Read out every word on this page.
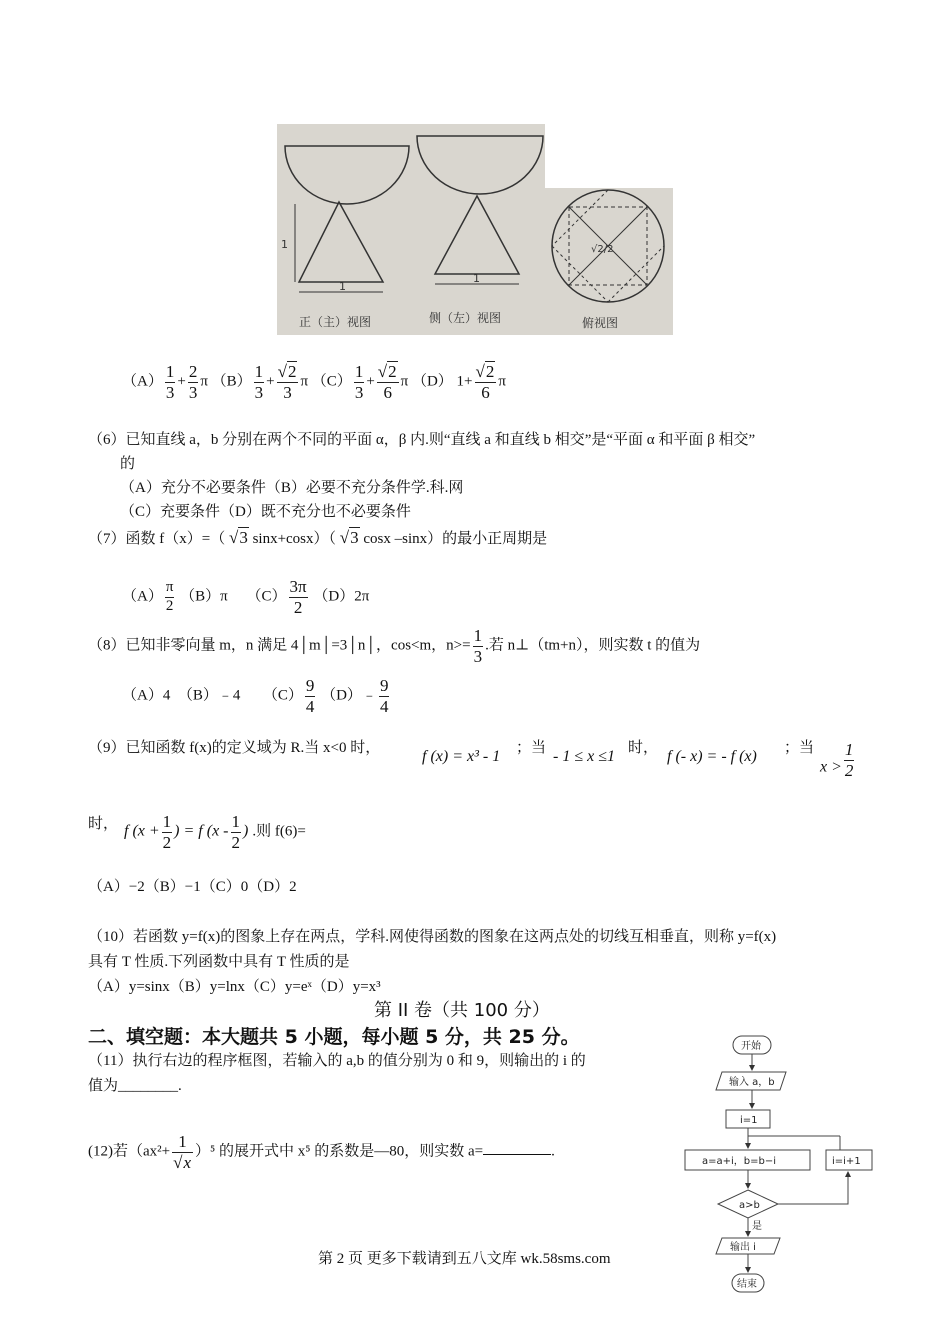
1
1
正（主）视图
1
侧（左）视图
√2/2
俯视图
$(A) \frac{1}{3} + \frac{2}{3}$ π $(B) \frac{1}{3} + \frac{√2}{3}$ π $(C) \frac{1}{3} + \frac{√2}{6}$ π （D） $1+ \frac{√2}{6}$ π
（6）已知直线 a，b 分别在两个不同的平面 α，β 内.则“直线 a 和直线 b 相交”是“平面 α 和平面 β 相交”
的
（A）充分不必要条件（B）必要不充分条件学.科.网
（C）充要条件（D）既不充分也不必要条件
（7）函数 f（x）=（ √3 sinx+cosx）（ √3 cosx –sinx）的最小正周期是
$(A) \frac{\pi}{2} (B)\pi$ $(C) \frac{3\pi}{2} (D)2\pi$
（8）已知非零向量 m，n 满足 4│m│=3│n│，cos<m，$n>= \frac{1}{3}$ .若 n⊥（tm+n），则实数 t 的值为
（A）4　（B）﹣4　　$(C) \frac{9}{4}$ （D）﹣ $\frac{9}{4}$
（9）已知函数 f(x)的定义域为 R.当 x<0 时，	f (x) = x³ - 1 ；当 - 1 ≤ x ≤1 时， f (- x) = - f (x) ；当
$x > \frac{1}{2}$
时， f ($x + \frac{1}{2}$ ) = f ($x - \frac{1}{2}$ ) .则 f(6)=
（A）−2（B）−1（C）0（D）2
（10）若函数 y=f(x)的图象上存在两点，学科.网使得函数的图象在这两点处的切线互相垂直，则称 y=f(x)
具有 T 性质.下列函数中具有 T 性质的是
（A）y=sinx（B）y=lnx（C）y=eˣ（D）y=x³
第 II 卷（共 100 分）
二、填空题：本大题共 5 小题，每小题 5 分，共 25 分。
（11）执行右边的程序框图，若输入的 a,b 的值分别为 0 和 9，则输出的 i 的
值为________.
(12)若$(ax^2+ \frac{1}{√x} )^5$ 的展开式中 x⁵ 的系数是—80，则实数 a=	.
开始
输入 a，b
i=1
a=a+i，b=b−i	i=i+1
a>b
是
输出 i
结束
第 2 页 更多下载请到五八文库 wk.58sms.com
